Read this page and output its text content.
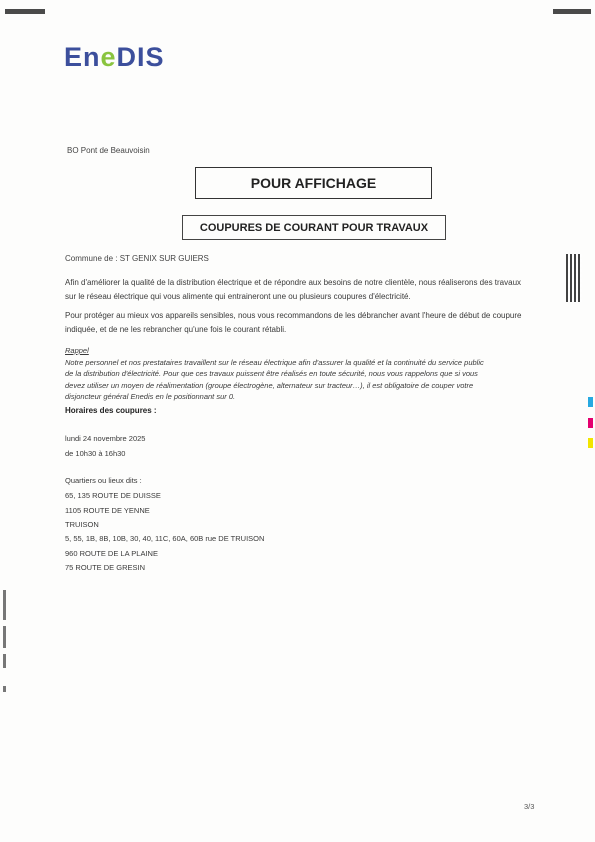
EneDIS
BO Pont de Beauvoisin
POUR AFFICHAGE
COUPURES DE COURANT POUR TRAVAUX
Commune de : ST GENIX SUR GUIERS
Afin d'améliorer la qualité de la distribution électrique et de répondre aux besoins de notre clientèle, nous réaliserons des travaux
sur le réseau électrique qui vous alimente qui entraineront une ou plusieurs coupures d'électricité.
Pour protéger au mieux vos appareils sensibles, nous vous recommandons de les débrancher avant l'heure de début de coupure
indiquée, et de ne les rebrancher qu'une fois le courant rétabli.
Rappel
Notre personnel et nos prestataires travaillent sur le réseau électrique afin d'assurer la qualité et la continuité du service public
de la distribution d'électricité. Pour que ces travaux puissent être réalisés en toute sécurité, nous vous rappelons que si vous
devez utiliser un moyen de réalimentation (groupe électrogène, alternateur sur tracteur…), il est obligatoire de couper votre
disjoncteur général Enedis en le positionnant sur 0.
Horaires des coupures :
lundi 24 novembre 2025
de 10h30 à 16h30
Quartiers ou lieux dits :
65, 135 ROUTE DE DUISSE
1105 ROUTE DE YENNE
TRUISON
5, 55, 1B, 8B, 10B, 30, 40, 11C, 60A, 60B rue DE TRUISON
960 ROUTE DE LA PLAINE
75 ROUTE DE GRESIN
3/3
